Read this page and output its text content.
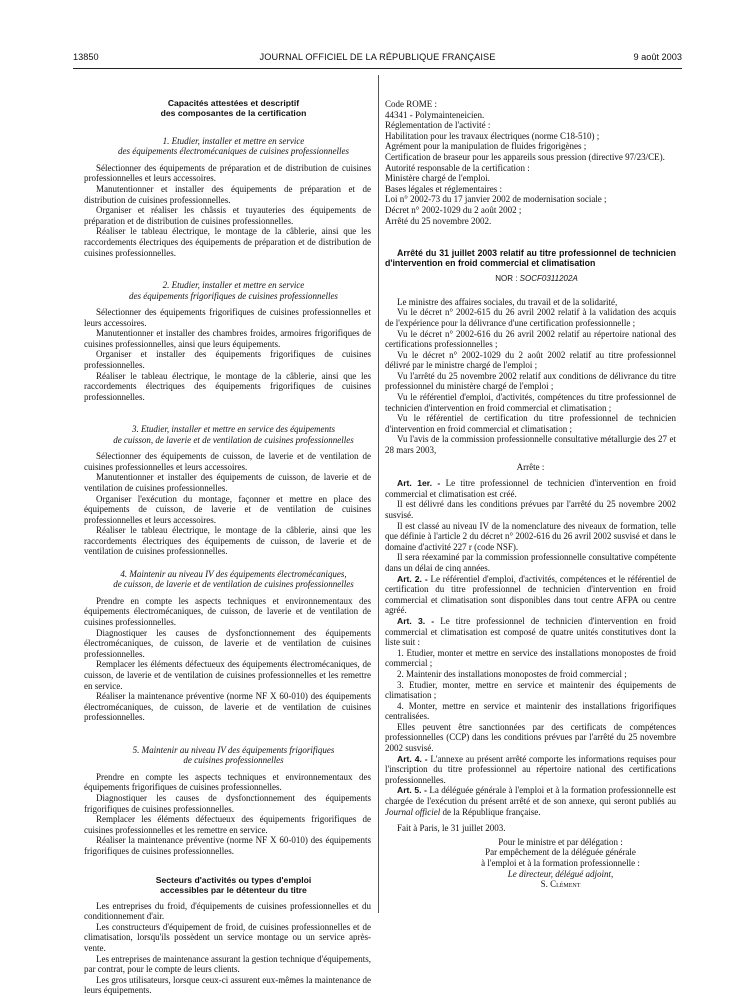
13850	JOURNAL OFFICIEL DE LA RÉPUBLIQUE FRANÇAISE	9 août 2003

Capacités attestées et descriptif

des composantes de la certification

1. Etudier, installer et mettre en service

des équipements électromécaniques de cuisines professionnelles

Sélectionner des équipements de préparation et de distribution de cuisines professionnelles et leurs accessoires.

Manutentionner et installer des équipements de préparation et de distribution de cuisines professionnelles.

Organiser et réaliser les châssis et tuyauteries des équipements de préparation et de distribution de cuisines professionnelles.

Réaliser le tableau électrique, le montage de la câblerie, ainsi que les raccordements électriques des équipements de préparation et de distribution de cuisines professionnelles.

2. Etudier, installer et mettre en service

des équipements frigorifiques de cuisines professionnelles

Sélectionner des équipements frigorifiques de cuisines professionnelles et leurs accessoires.

Manutentionner et installer des chambres froides, armoires frigorifiques de cuisines professionnelles, ainsi que leurs équipements.

Organiser et installer des équipements frigorifiques de cuisines professionnelles.

Réaliser le tableau électrique, le montage de la câblerie, ainsi que les raccordements électriques des équipements frigorifiques de cuisines professionnelles.

3. Etudier, installer et mettre en service des équipements

de cuisson, de laverie et de ventilation de cuisines professionnelles

Sélectionner des équipements de cuisson, de laverie et de ventilation de cuisines professionnelles et leurs accessoires.

Manutentionner et installer des équipements de cuisson, de laverie et de ventilation de cuisines professionnelles.

Organiser l'exécution du montage, façonner et mettre en place des équipements de cuisson, de laverie et de ventilation de cuisines professionnelles et leurs accessoires.

Réaliser le tableau électrique, le montage de la câblerie, ainsi que les raccordements électriques des équipements de cuisson, de laverie et de ventilation de cuisines professionnelles.

4. Maintenir au niveau IV des équipements électromécaniques,

de cuisson, de laverie et de ventilation de cuisines professionnelles

Prendre en compte les aspects techniques et environnementaux des équipements électromécaniques, de cuisson, de laverie et de ventilation de cuisines professionnelles.

Diagnostiquer les causes de dysfonctionnement des équipements électromécaniques, de cuisson, de laverie et de ventilation de cuisines professionnelles.

Remplacer les éléments défectueux des équipements électromécaniques, de cuisson, de laverie et de ventilation de cuisines professionnelles et les remettre en service.

Réaliser la maintenance préventive (norme NF X 60-010) des équipements électromécaniques, de cuisson, de laverie et de ventilation de cuisines professionnelles.

5. Maintenir au niveau IV des équipements frigorifiques

de cuisines professionnelles

Prendre en compte les aspects techniques et environnementaux des équipements frigorifiques de cuisines professionnelles.

Diagnostiquer les causes de dysfonctionnement des équipements frigorifiques de cuisines professionnelles.

Remplacer les éléments défectueux des équipements frigorifiques de cuisines professionnelles et les remettre en service.

Réaliser la maintenance préventive (norme NF X 60-010) des équipements frigorifiques de cuisines professionnelles.

Secteurs d'activités ou types d'emploi

accessibles par le détenteur du titre

Les entreprises du froid, d'équipements de cuisines professionnelles et du conditionnement d'air.

Les constructeurs d'équipement de froid, de cuisines professionnelles et de climatisation, lorsqu'ils possèdent un service montage ou un service après-vente.

Les entreprises de maintenance assurant la gestion technique d'équipements, par contrat, pour le compte de leurs clients.

Les gros utilisateurs, lorsque ceux-ci assurent eux-mêmes la maintenance de leurs équipements.

Code ROME :

44341 - Polymainteneicien.

Réglementation de l'activité :

Habilitation pour les travaux électriques (norme C18-510) ;

Agrément pour la manipulation de fluides frigorigènes ;

Certification de braseur pour les appareils sous pression (directive 97/23/CE).

Autorité responsable de la certification :

Ministère chargé de l'emploi.

Bases légales et réglementaires :

Loi n° 2002-73 du 17 janvier 2002 de modernisation sociale ;

Décret n° 2002-1029 du 2 août 2002 ;

Arrêté du 25 novembre 2002.

Arrêté du 31 juillet 2003 relatif au titre professionnel de technicien d'intervention en froid commercial et climatisation

NOR : SOCF0311202A

Le ministre des affaires sociales, du travail et de la solidarité,

Vu le décret n° 2002-615 du 26 avril 2002 relatif à la validation des acquis de l'expérience pour la délivrance d'une certification professionnelle ;

Vu le décret n° 2002-616 du 26 avril 2002 relatif au répertoire national des certifications professionnelles ;

Vu le décret n° 2002-1029 du 2 août 2002 relatif au titre professionnel délivré par le ministre chargé de l'emploi ;

Vu l'arrêté du 25 novembre 2002 relatif aux conditions de délivrance du titre professionnel du ministère chargé de l'emploi ;

Vu le référentiel d'emploi, d'activités, compétences du titre professionnel de technicien d'intervention en froid commercial et climatisation ;

Vu le référentiel de certification du titre professionnel de technicien d'intervention en froid commercial et climatisation ;

Vu l'avis de la commission professionnelle consultative métallurgie des 27 et 28 mars 2003,

Arrête :

Art. 1er. - Le titre professionnel de technicien d'intervention en froid commercial et climatisation est créé.

Il est délivré dans les conditions prévues par l'arrêté du 25 novembre 2002 susvisé.

Il est classé au niveau IV de la nomenclature des niveaux de formation, telle que définie à l'article 2 du décret n° 2002-616 du 26 avril 2002 susvisé et dans le domaine d'activité 227 r (code NSF).

Il sera réexaminé par la commission professionnelle consultative compétente dans un délai de cinq années.

Art. 2. - Le référentiel d'emploi, d'activités, compétences et le référentiel de certification du titre professionnel de technicien d'intervention en froid commercial et climatisation sont disponibles dans tout centre AFPA ou centre agréé.

Art. 3. - Le titre professionnel de technicien d'intervention en froid commercial et climatisation est composé de quatre unités constitutives dont la liste suit :

1. Etudier, monter et mettre en service des installations monopostes de froid commercial ;

2. Maintenir des installations monopostes de froid commercial ;

3. Etudier, monter, mettre en service et maintenir des équipements de climatisation ;

4. Monter, mettre en service et maintenir des installations frigorifiques centralisées.

Elles peuvent être sanctionnées par des certificats de compétences professionnelles (CCP) dans les conditions prévues par l'arrêté du 25 novembre 2002 susvisé.

Art. 4. - L'annexe au présent arrêté comporte les informations requises pour l'inscription du titre professionnel au répertoire national des certifications professionnelles.

Art. 5. - La déléguée générale à l'emploi et à la formation professionnelle est chargée de l'exécution du présent arrêté et de son annexe, qui seront publiés au Journal officiel de la République française.

Fait à Paris, le 31 juillet 2003.

Pour le ministre et par délégation :

Par empêchement de la déléguée générale

à l'emploi et à la formation professionnelle :

Le directeur, délégué adjoint,

S. Clément
